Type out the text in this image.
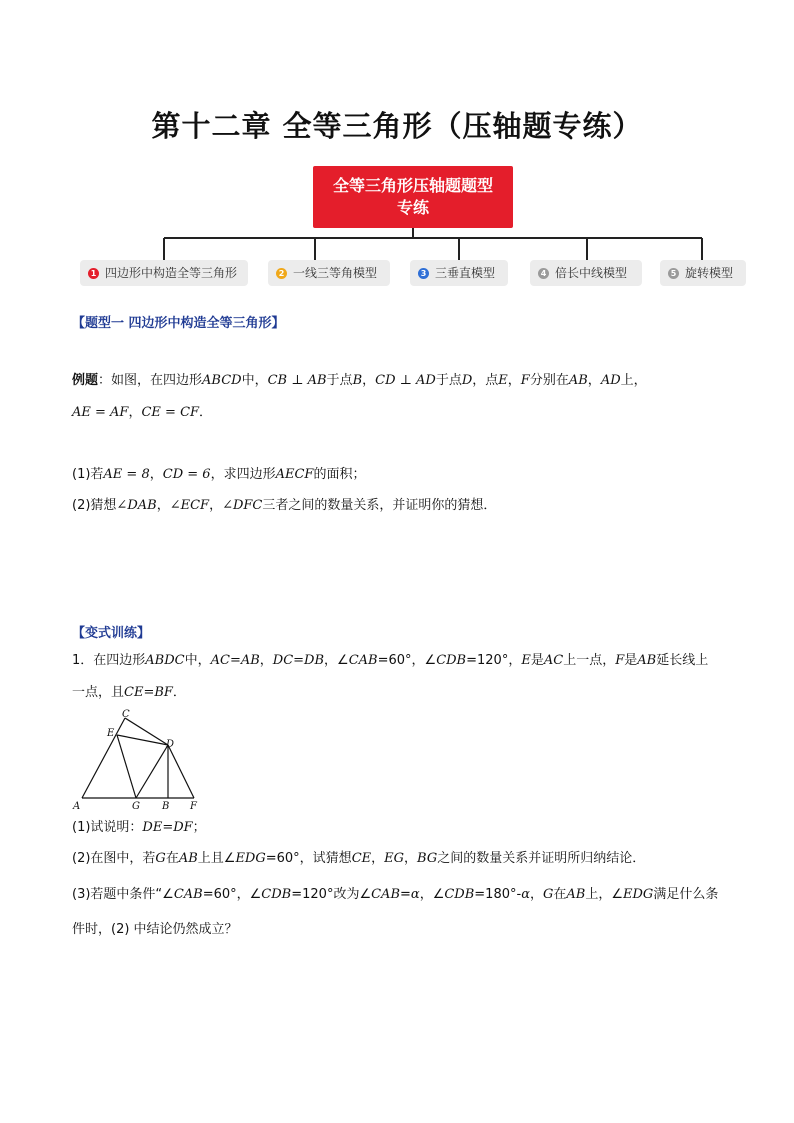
第十二章 全等三角形（压轴题专练）
全等三角形压轴题题型
专练
1 四边形中构造全等三角形	2 一线三等角模型	3 三垂直模型	4 倍长中线模型	5 旋转模型
【题型一 四边形中构造全等三角形】
例题：如图，在四边形ABCD中，CB ⊥ AB于点B，CD ⊥ AD于点D，点E，F分别在AB，AD上，
AE = AF，CE = CF．
(1)若AE = 8，CD = 6，求四边形AECF的面积；
(2)猜想∠DAB，∠ECF，∠DFC三者之间的数量关系，并证明你的猜想．
【变式训练】
1．在四边形ABDC中，AC=AB，DC=DB，∠CAB=60°，∠CDB=120°，E是AC上一点，F是AB延长线上
一点，且CE=BF．
C
E
D
A	G B F
(1)试说明：DE=DF；
(2)在图中，若G在AB上且∠EDG=60°，试猜想CE，EG，BG之间的数量关系并证明所归纳结论．
(3)若题中条件“∠CAB=60°，∠CDB=120°改为∠CAB=α，∠CDB=180°-α，G在AB上，∠EDG满足什么条
件时，(2) 中结论仍然成立？
